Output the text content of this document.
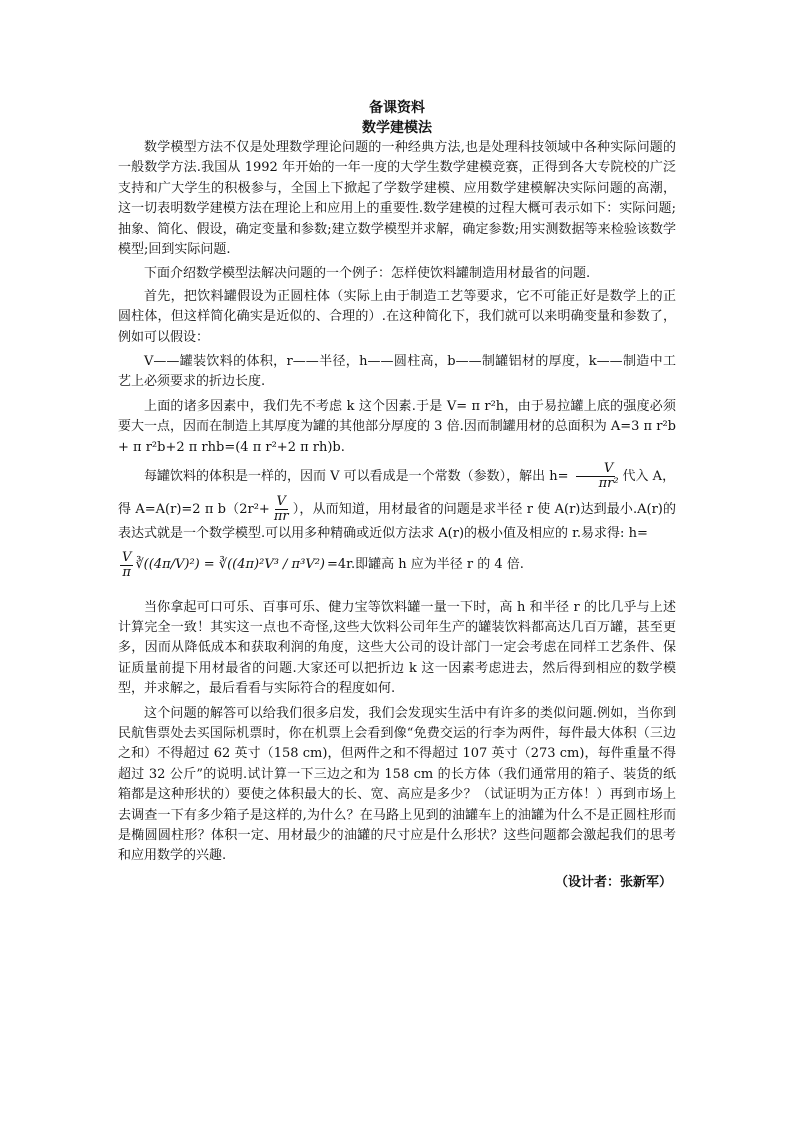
备课资料
数学建模法

数学模型方法不仅是处理数学理论问题的一种经典方法,也是处理科技领域中各种实际问题的一般数学方法.我国从 1992 年开始的一年一度的大学生数学建模竞赛，正得到各大专院校的广泛支持和广大学生的积极参与，全国上下掀起了学数学建模、应用数学建模解决实际问题的高潮，这一切表明数学建模方法在理论上和应用上的重要性.数学建模的过程大概可表示如下：实际问题;抽象、简化、假设，确定变量和参数;建立数学模型并求解，确定参数;用实测数据等来检验该数学模型;回到实际问题.

下面介绍数学模型法解决问题的一个例子：怎样使饮料罐制造用材最省的问题.

首先，把饮料罐假设为正圆柱体（实际上由于制造工艺等要求，它不可能正好是数学上的正圆柱体，但这样简化确实是近似的、合理的）.在这种简化下，我们就可以来明确变量和参数了，例如可以假设：

V——罐装饮料的体积，r——半径，h——圆柱高，b——制罐铝材的厚度，k——制造中工艺上必须要求的折边长度.

上面的诸多因素中，我们先不考虑 k 这个因素.于是 V= π r²h，由于易拉罐上底的强度必须要大一点，因而在制造上其厚度为罐的其他部分厚度的 3 倍.因而制罐用材的总面积为 A=3 π r²b+ π r²b+2 π rhb=(4 π r²+2 π rh)b.

每罐饮料的体积是一样的，因而 V 可以看成是一个常数（参数），解出 $h= \frac{V}{\text{πr²}}$ 代入 A，

得 A=A(r)=2 π $b(2r^2+ \frac{V}{\pi r}$ ），从而知道，用材最省的问题是求半径 r 使 A(r)达到最小.A(r)的表达式就是一个数学模型.可以用多种精确或近似方法求 A(r)的极小值及相应的 r.易求得: h=

$\frac{V}{\pi}$ ∛((4π/V)²) = ∛((4π)²V³ / π³V²) =4r.即罐高 h 应为半径 r 的 4 倍.

当你拿起可口可乐、百事可乐、健力宝等饮料罐一量一下时，高 h 和半径 r 的比几乎与上述计算完全一致！其实这一点也不奇怪,这些大饮料公司年生产的罐装饮料都高达几百万罐，甚至更多，因而从降低成本和获取利润的角度，这些大公司的设计部门一定会考虑在同样工艺条件、保证质量前提下用材最省的问题.大家还可以把折边 k 这一因素考虑进去，然后得到相应的数学模型，并求解之，最后看看与实际符合的程度如何.

这个问题的解答可以给我们很多启发，我们会发现实生活中有许多的类似问题.例如，当你到民航售票处去买国际机票时，你在机票上会看到像“免费交运的行李为两件，每件最大体积（三边之和）不得超过 62 英寸（158 cm)，但两件之和不得超过 107 英寸（273 cm)，每件重量不得超过 32 公斤”的说明.试计算一下三边之和为 158 cm 的长方体（我们通常用的箱子、装货的纸箱都是这种形状的）要使之体积最大的长、宽、高应是多少？（试证明为正方体！）再到市场上去调查一下有多少箱子是这样的,为什么？在马路上见到的油罐车上的油罐为什么不是正圆柱形而是椭圆圆柱形？体积一定、用材最少的油罐的尺寸应是什么形状？这些问题都会激起我们的思考和应用数学的兴趣.

（设计者：张新军）
